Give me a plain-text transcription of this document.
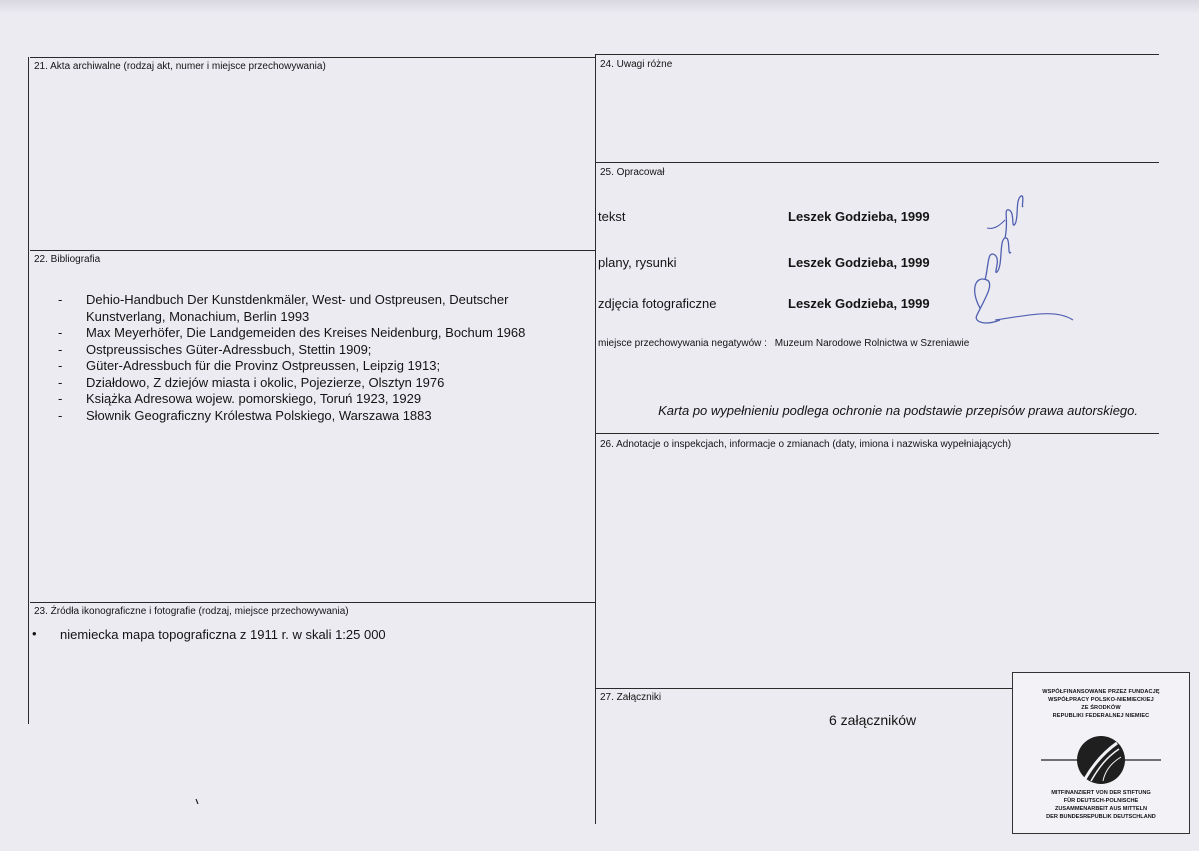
21. Akta archiwalne (rodzaj akt, numer i miejsce przechowywania)
22. Bibliografia
23. Źródła ikonograficzne i fotografie (rodzaj, miejsce przechowywania)
24. Uwagi różne
25. Opracował
26. Adnotacje o inspekcjach, informacje o zmianach (daty, imiona i nazwiska wypełniających)
27. Załączniki
- Dehio-Handbuch Der Kunstdenkmäler, West- und Ostpreusen, Deutscher Kunstverlang, Monachium, Berlin 1993
- Max Meyerhöfer, Die Landgemeiden des Kreises Neidenburg, Bochum 1968
- Ostpreussisches Güter-Adressbuch, Stettin 1909;
- Güter-Adressbuch für die Provinz Ostpreussen, Leipzig 1913;
- Działdowo, Z dziejów miasta i okolic, Pojezierze, Olsztyn 1976
- Książka Adresowa wojew. pomorskiego, Toruń 1923, 1929
- Słownik Geograficzny Królestwa Polskiego, Warszawa 1883
• niemiecka mapa topograficzna z 1911 r. w skali 1:25 000
tekst	Leszek Godzieba, 1999
plany, rysunki	Leszek Godzieba, 1999
zdjęcia fotograficzne	Leszek Godzieba, 1999
miejsce przechowywania negatywów : Muzeum Narodowe Rolnictwa w Szreniawie
Karta po wypełnieniu podlega ochronie na podstawie przepisów prawa autorskiego.
6 załączników
WSPÓŁFINANSOWANE PRZEZ FUNDACJĘ
WSPÓŁPRACY POLSKO-NIEMIECKIEJ
ZE ŚRODKÓW
REPUBLIKI FEDERALNEJ NIEMIEC
MITFINANZIERT VON DER STIFTUNG
FÜR DEUTSCH-POLNISCHE
ZUSAMMENARBEIT AUS MITTELN
DER BUNDESREPUBLIK DEUTSCHLAND
